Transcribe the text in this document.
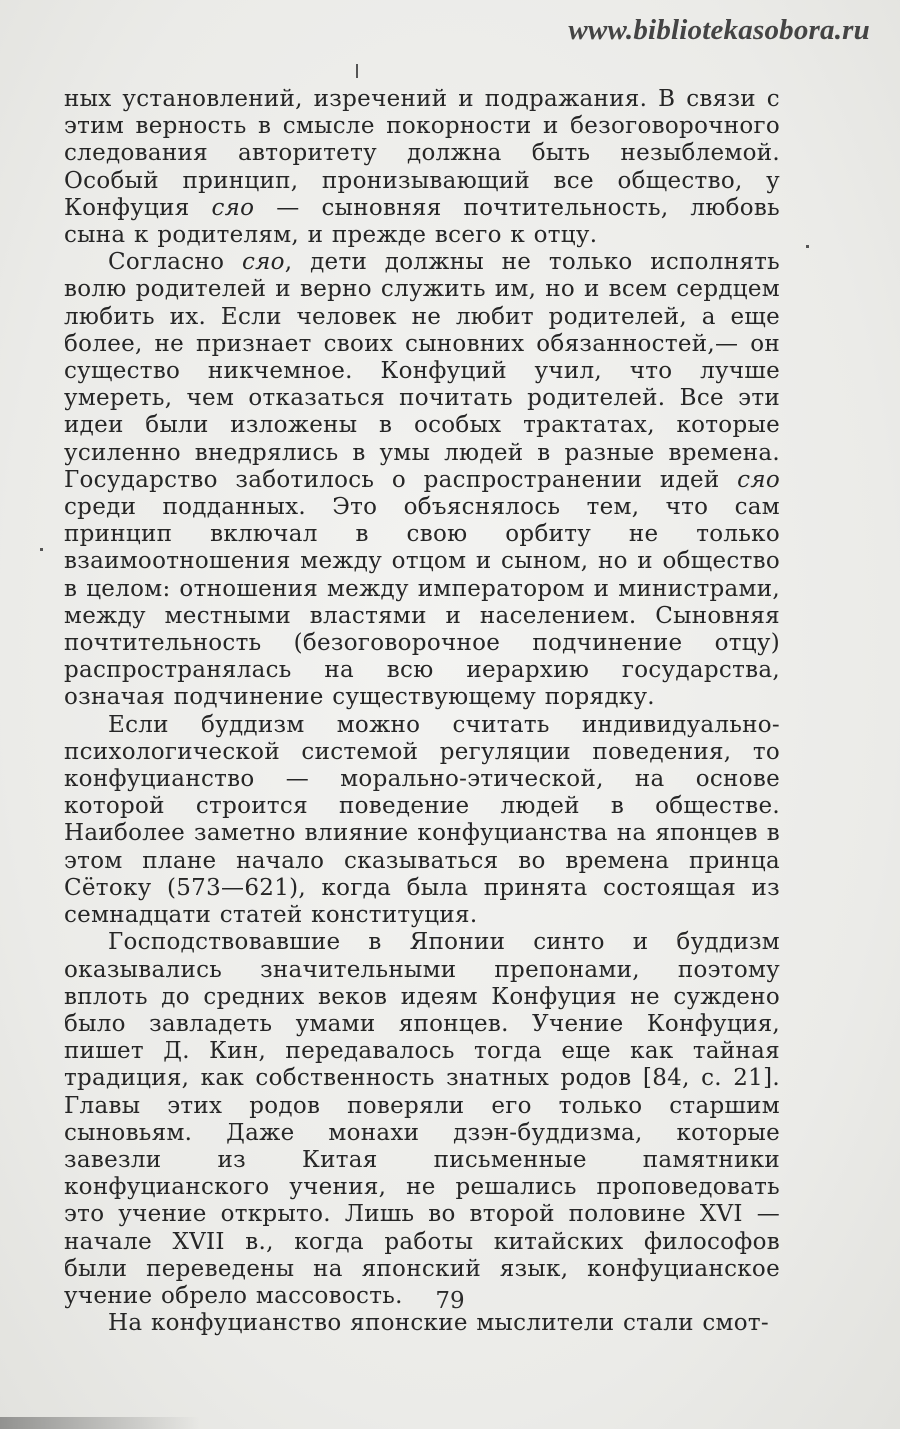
www.bibliotekasobora.ru

ных установлений, изречений и подражания. В связи с этим верность в смысле покорности и безоговорочного следования авторитету должна быть незыблемой. Особый принцип, пронизывающий все общество, у Конфуция сяо — сыновняя почтительность, любовь сына к родителям, и прежде всего к отцу.

Согласно сяо, дети должны не только исполнять волю родителей и верно служить им, но и всем сердцем любить их. Если человек не любит родителей, а еще более, не признает своих сыновних обязанностей,— он существо никчемное. Конфуций учил, что лучше умереть, чем отказаться почитать родителей. Все эти идеи были изложены в особых трактатах, которые усиленно внедрялись в умы людей в разные времена. Государство заботилось о распространении идей сяо среди подданных. Это объяснялось тем, что сам принцип включал в свою орбиту не только взаимоотношения между отцом и сыном, но и общество в целом: отношения между императором и министрами, между местными властями и населением. Сыновняя почтительность (безоговорочное подчинение отцу) распространялась на всю иерархию государства, означая подчинение существующему порядку.

Если буддизм можно считать индивидуально-психологической системой регуляции поведения, то конфуцианство — морально-этической, на основе которой строится поведение людей в обществе. Наиболее заметно влияние конфуцианства на японцев в этом плане начало сказываться во времена принца Сётоку (573—621), когда была принята состоящая из семнадцати статей конституция.

Господствовавшие в Японии синто и буддизм оказывались значительными препонами, поэтому вплоть до средних веков идеям Конфуция не суждено было завладеть умами японцев. Учение Конфуция, пишет Д. Кин, передавалось тогда еще как тайная традиция, как собственность знатных родов [84, с. 21]. Главы этих родов поверяли его только старшим сыновьям. Даже монахи дзэн-буддизма, которые завезли из Китая письменные памятники конфуцианского учения, не решались проповедовать это учение открыто. Лишь во второй половине XVI — начале XVII в., когда работы китайских философов были переведены на японский язык, конфуцианское учение обрело массовость.

На конфуцианство японские мыслители стали смот-

79
